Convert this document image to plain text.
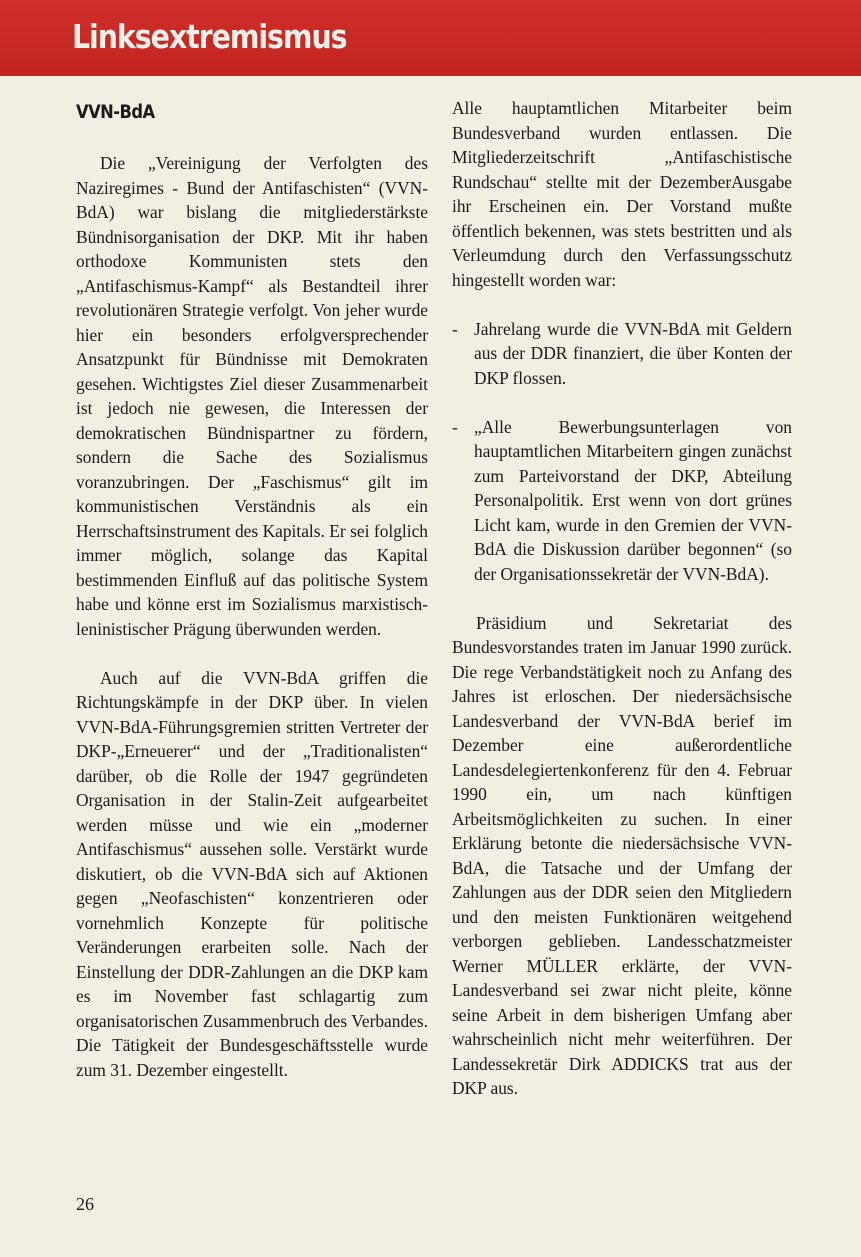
Linksextremismus
VVN-BdA

Die „Vereinigung der Verfolgten des Naziregimes - Bund der Antifaschisten“ (VVN-BdA) war bislang die mitgliederstärkste Bündnisorganisation der DKP. Mit ihr haben orthodoxe Kommunisten stets den „Antifaschismus-Kampf“ als Bestandteil ihrer revolutionären Strategie verfolgt. Von jeher wurde hier ein besonders erfolgversprechender Ansatzpunkt für Bündnisse mit Demokraten gesehen. Wichtigstes Ziel dieser Zusammenarbeit ist jedoch nie gewesen, die Interessen der demokratischen Bündnispartner zu fördern, sondern die Sache des Sozialismus voranzubringen. Der „Faschismus“ gilt im kommunistischen Verständnis als ein Herrschaftsinstrument des Kapitals. Er sei folglich immer möglich, solange das Kapital bestimmenden Einfluß auf das politische System habe und könne erst im Sozialismus marxistisch-leninistischer Prägung überwunden werden.

Auch auf die VVN-BdA griffen die Richtungskämpfe in der DKP über. In vielen VVN-BdA-Führungsgremien stritten Vertreter der DKP-„Erneuerer“ und der „Traditionalisten“ darüber, ob die Rolle der 1947 gegründeten Organisation in der Stalin-Zeit aufgearbeitet werden müsse und wie ein „moderner Antifaschismus“ aussehen solle. Verstärkt wurde diskutiert, ob die VVN-BdA sich auf Aktionen gegen „Neofaschisten“ konzentrieren oder vornehmlich Konzepte für politische Veränderungen erarbeiten solle. Nach der Einstellung der DDR-Zahlungen an die DKP kam es im November fast schlagartig zum organisatorischen Zusammenbruch des Verbandes. Die Tätigkeit der Bundesgeschäftsstelle wurde zum 31. Dezember eingestellt.

Alle hauptamtlichen Mitarbeiter beim Bundesverband wurden entlassen. Die Mitgliederzeitschrift „Antifaschistische Rundschau“ stellte mit der DezemberAusgabe ihr Erscheinen ein. Der Vorstand mußte öffentlich bekennen, was stets bestritten und als Verleumdung durch den Verfassungsschutz hingestellt worden war:

- Jahrelang wurde die VVN-BdA mit Geldern aus der DDR finanziert, die über Konten der DKP flossen.

- „Alle Bewerbungsunterlagen von hauptamtlichen Mitarbeitern gingen zunächst zum Parteivorstand der DKP, Abteilung Personalpolitik. Erst wenn von dort grünes Licht kam, wurde in den Gremien der VVN-BdA die Diskussion darüber begonnen“ (so der Organisationssekretär der VVN-BdA).

Präsidium und Sekretariat des Bundesvorstandes traten im Januar 1990 zurück. Die rege Verbandstätigkeit noch zu Anfang des Jahres ist erloschen. Der niedersächsische Landesverband der VVN-BdA berief im Dezember eine außerordentliche Landesdelegiertenkonferenz für den 4. Februar 1990 ein, um nach künftigen Arbeitsmöglichkeiten zu suchen. In einer Erklärung betonte die niedersächsische VVN-BdA, die Tatsache und der Umfang der Zahlungen aus der DDR seien den Mitgliedern und den meisten Funktionären weitgehend verborgen geblieben. Landesschatzmeister Werner MÜLLER erklärte, der VVN-Landesverband sei zwar nicht pleite, könne seine Arbeit in dem bisherigen Umfang aber wahrscheinlich nicht mehr weiterführen. Der Landessekretär Dirk ADDICKS trat aus der DKP aus.

26
